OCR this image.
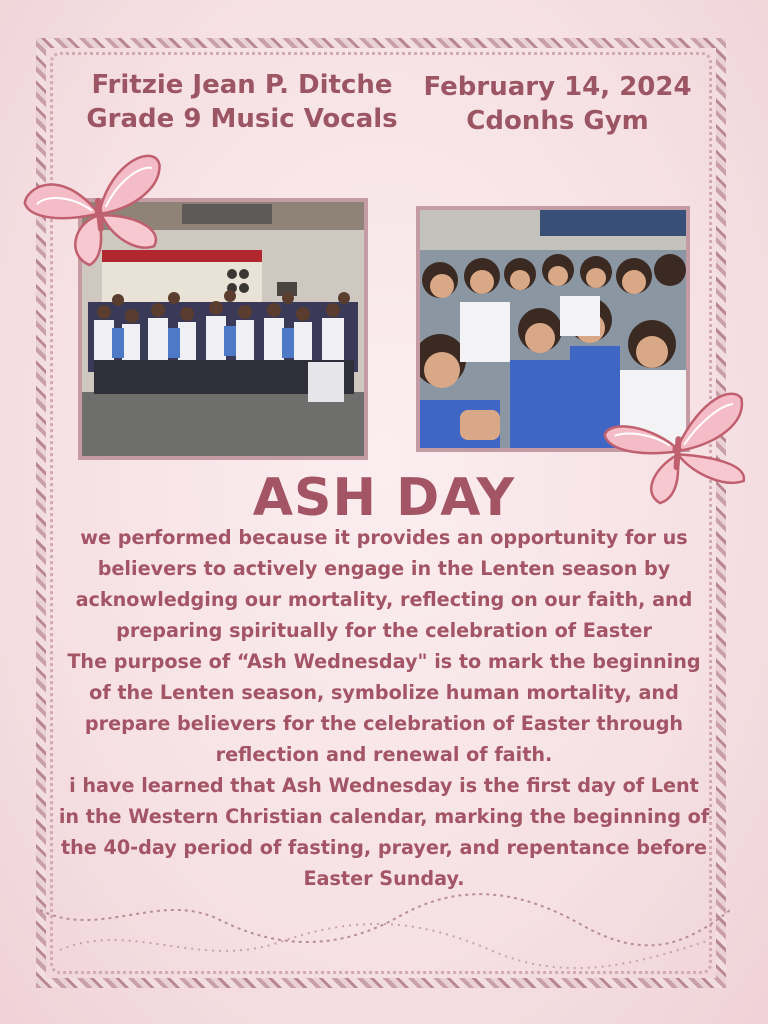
Fritzie Jean P. Ditche
Grade 9 Music Vocals
February 14, 2024
Cdonhs Gym
ASH DAY

we performed because it provides an opportunity for us believers to actively engage in the Lenten season by acknowledging our mortality, reflecting on our faith, and preparing spiritually for the celebration of Easter

The purpose of “Ash Wednesday" is to mark the beginning of the Lenten season, symbolize human mortality, and prepare believers for the celebration of Easter through reflection and renewal of faith.

i have learned that Ash Wednesday is the first day of Lent in the Western Christian calendar, marking the beginning of the 40-day period of fasting, prayer, and repentance before Easter Sunday.
